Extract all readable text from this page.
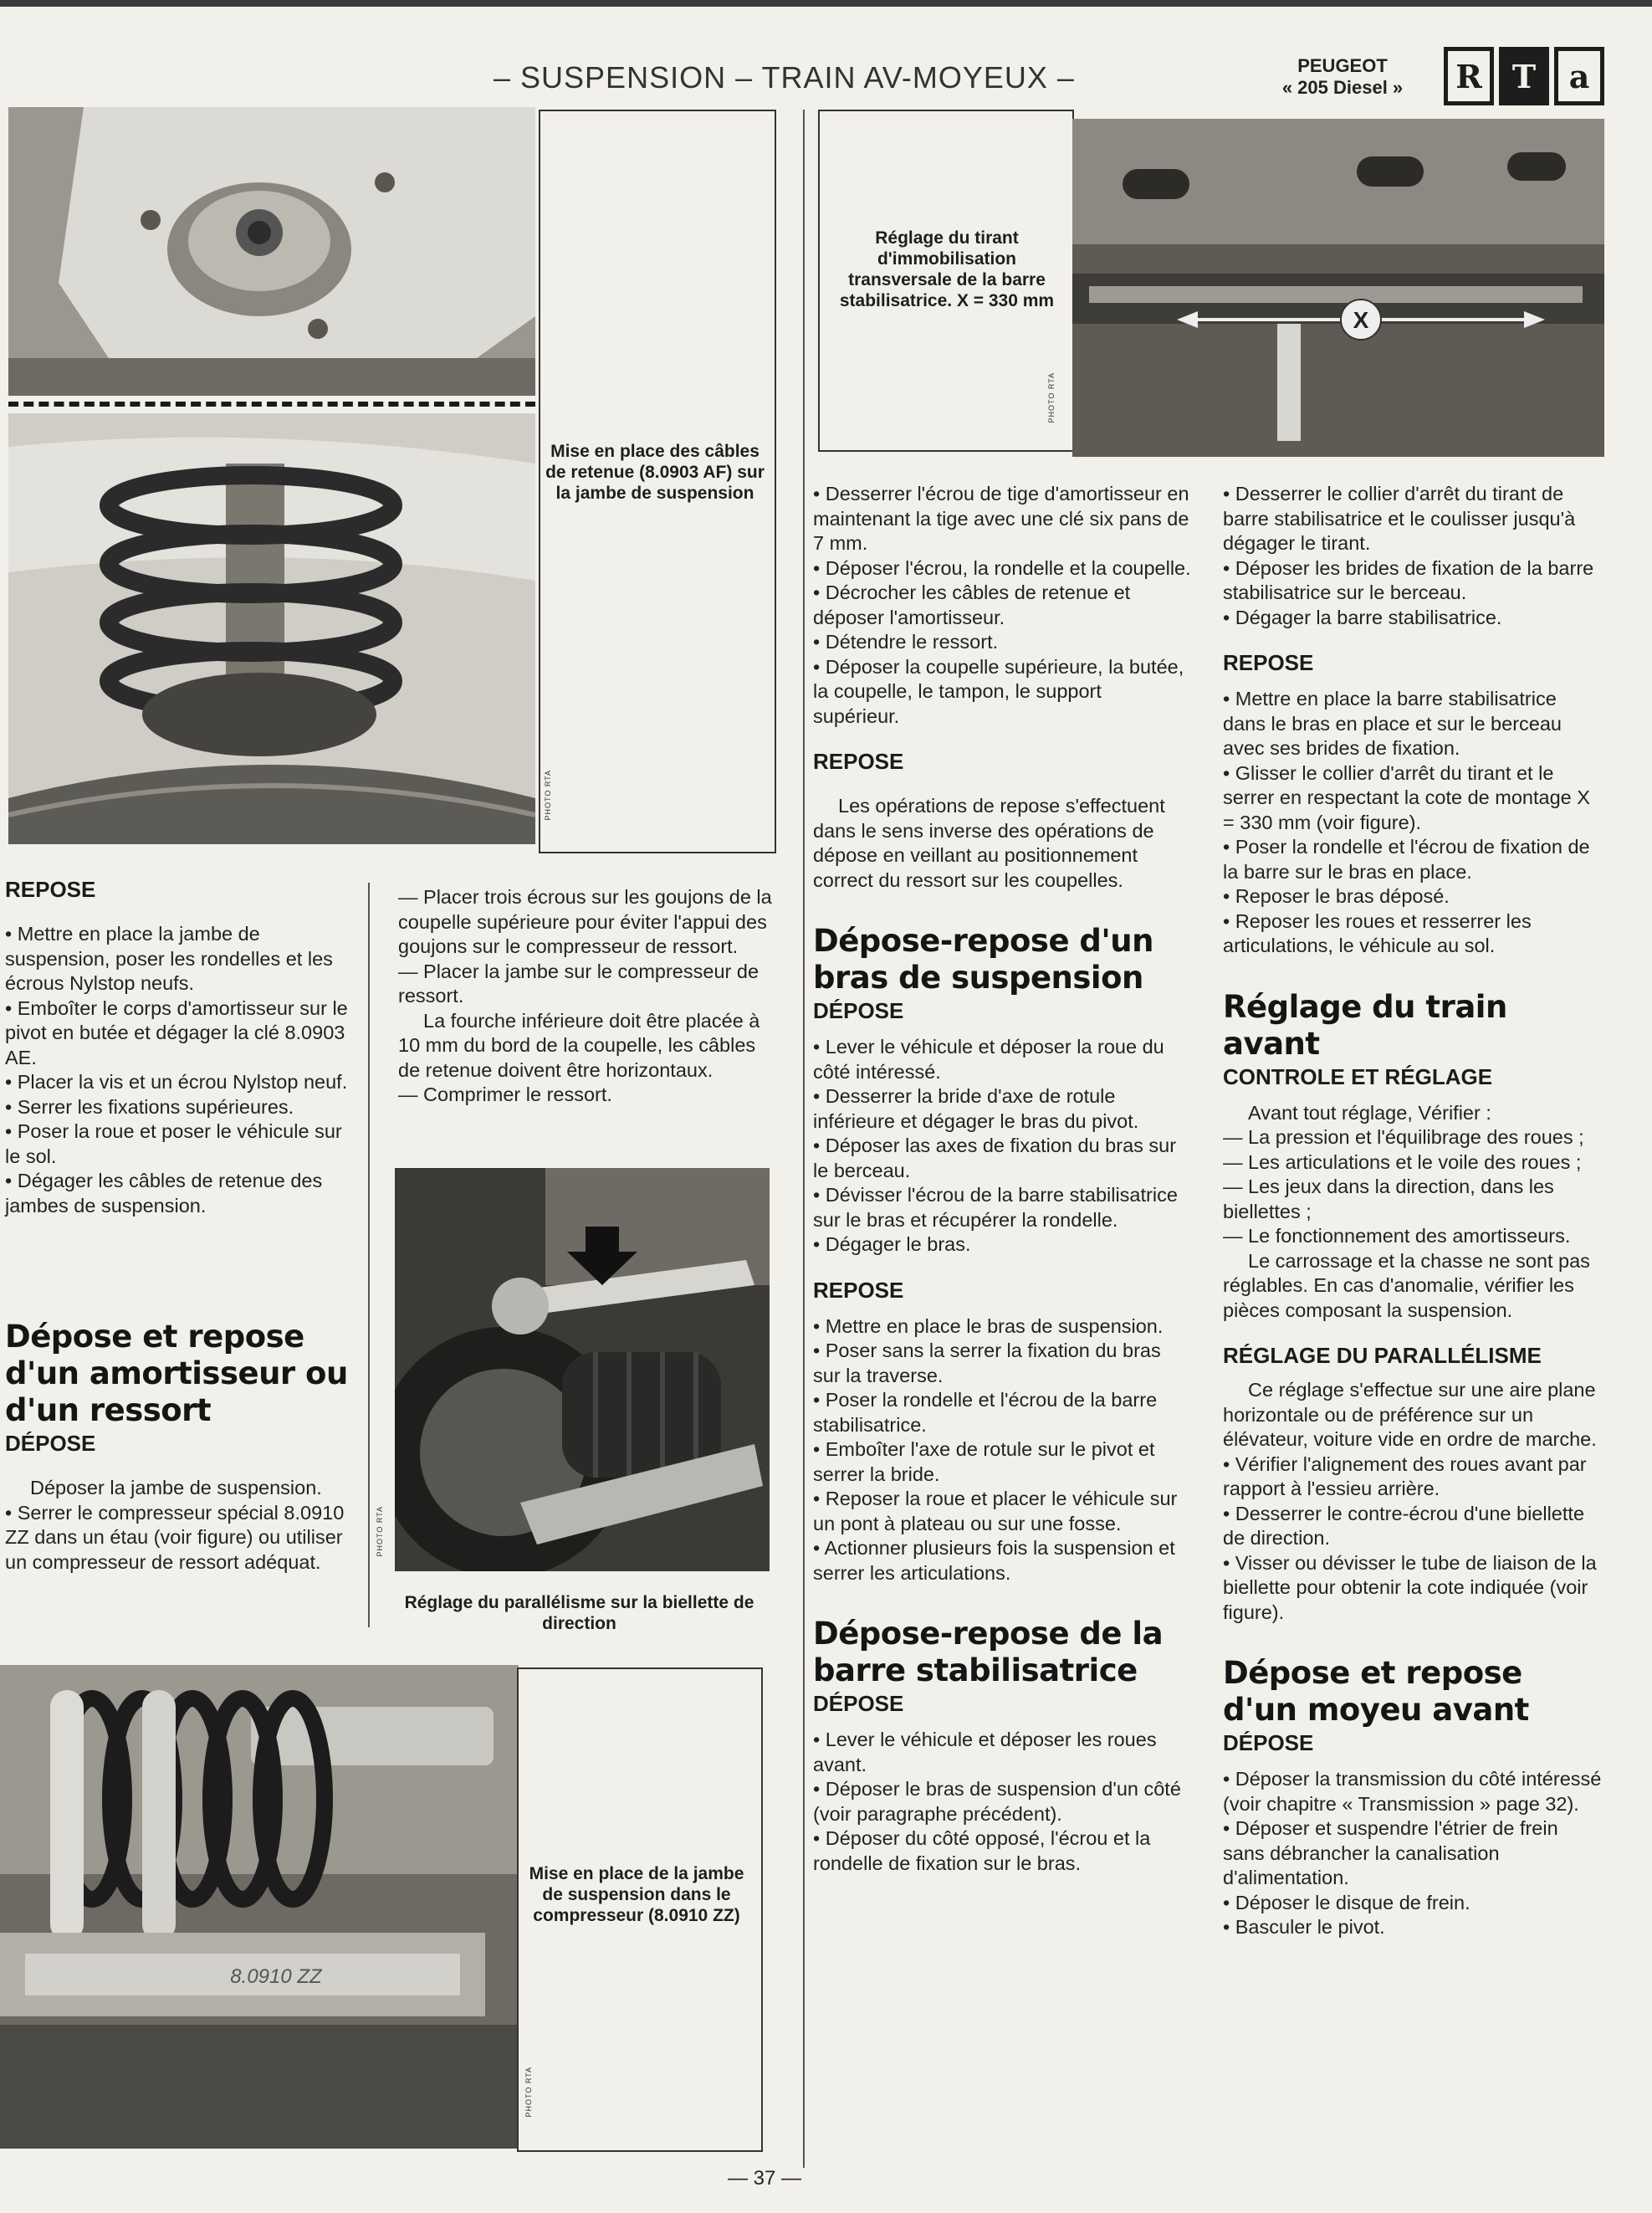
– SUSPENSION – TRAIN AV-MOYEUX –	PEUGEOT
« 205 Diesel »	R T	a
Mise en place des câbles de retenue (8.0903 AF) sur la jambe de suspension
PHOTO RTA
Réglage du tirant d'immobilisation transversale de la barre stabilisatrice. X = 330 mm
PHOTO RTA
X
REPOSE

• Mettre en place la jambe de suspension, poser les rondelles et les écrous Nylstop neufs.

• Emboîter le corps d'amortisseur sur le pivot en butée et dégager la clé 8.0903 AE.

• Placer la vis et un écrou Nylstop neuf.

• Serrer les fixations supérieures.

• Poser la roue et poser le véhicule sur le sol.

• Dégager les câbles de retenue des jambes de suspension.

Dépose et repose d'un amortisseur ou d'un ressort
DÉPOSE

Déposer la jambe de suspension.

• Serrer le compresseur spécial 8.0910 ZZ dans un étau (voir figure) ou utiliser un compresseur de ressort adéquat.

— Placer trois écrous sur les goujons de la coupelle supérieure pour éviter l'appui des goujons sur le compresseur de ressort.

— Placer la jambe sur le compresseur de ressort.

La fourche inférieure doit être placée à 10 mm du bord de la coupelle, les câbles de retenue doivent être horizontaux.

— Comprimer le ressort.

PHOTO RTA
Réglage du parallélisme sur la biellette de direction
8.0910 ZZ
Mise en place de la jambe de suspension dans le compresseur (8.0910 ZZ)
PHOTO RTA

• Desserrer l'écrou de tige d'amortisseur en maintenant la tige avec une clé six pans de 7 mm.

• Déposer l'écrou, la rondelle et la coupelle.

• Décrocher les câbles de retenue et déposer l'amortisseur.

• Détendre le ressort.

• Déposer la coupelle supérieure, la butée, la coupelle, le tampon, le support supérieur.

REPOSE

Les opérations de repose s'effectuent dans le sens inverse des opérations de dépose en veillant au positionnement correct du ressort sur les coupelles.

Dépose-repose d'un bras de suspension
DÉPOSE

• Lever le véhicule et déposer la roue du côté intéressé.

• Desserrer la bride d'axe de rotule inférieure et dégager le bras du pivot.

• Déposer las axes de fixation du bras sur le berceau.

• Dévisser l'écrou de la barre stabilisatrice sur le bras et récupérer la rondelle.

• Dégager le bras.

REPOSE

• Mettre en place le bras de suspension.

• Poser sans la serrer la fixation du bras sur la traverse.

• Poser la rondelle et l'écrou de la barre stabilisatrice.

• Emboîter l'axe de rotule sur le pivot et serrer la bride.

• Reposer la roue et placer le véhicule sur un pont à plateau ou sur une fosse.

• Actionner plusieurs fois la suspension et serrer les articulations.

Dépose-repose de la barre stabilisatrice
DÉPOSE

• Lever le véhicule et déposer les roues avant.

• Déposer le bras de suspension d'un côté (voir paragraphe précédent).

• Déposer du côté opposé, l'écrou et la rondelle de fixation sur le bras.

• Desserrer le collier d'arrêt du tirant de barre stabilisatrice et le coulisser jusqu'à dégager le tirant.

• Déposer les brides de fixation de la barre stabilisatrice sur le berceau.

• Dégager la barre stabilisatrice.

REPOSE

• Mettre en place la barre stabilisatrice dans le bras en place et sur le berceau avec ses brides de fixation.

• Glisser le collier d'arrêt du tirant et le serrer en respectant la cote de montage X = 330 mm (voir figure).

• Poser la rondelle et l'écrou de fixation de la barre sur le bras en place.

• Reposer le bras déposé.

• Reposer les roues et resserrer les articulations, le véhicule au sol.

Réglage du train avant
CONTROLE ET RÉGLAGE

Avant tout réglage, Vérifier :

— La pression et l'équilibrage des roues ;

— Les articulations et le voile des roues ;

— Les jeux dans la direction, dans les biellettes ;

— Le fonctionnement des amortisseurs.

Le carrossage et la chasse ne sont pas réglables. En cas d'anomalie, vérifier les pièces composant la suspension.

RÉGLAGE DU PARALLÉLISME

Ce réglage s'effectue sur une aire plane horizontale ou de préférence sur un élévateur, voiture vide en ordre de marche.

• Vérifier l'alignement des roues avant par rapport à l'essieu arrière.

• Desserrer le contre-écrou d'une biellette de direction.

• Visser ou dévisser le tube de liaison de la biellette pour obtenir la cote indiquée (voir figure).

Dépose et repose d'un moyeu avant
DÉPOSE

• Déposer la transmission du côté intéressé (voir chapitre « Transmission » page 32).

• Déposer et suspendre l'étrier de frein sans débrancher la canalisation d'alimentation.

• Déposer le disque de frein.

• Basculer le pivot.

— 37 —
